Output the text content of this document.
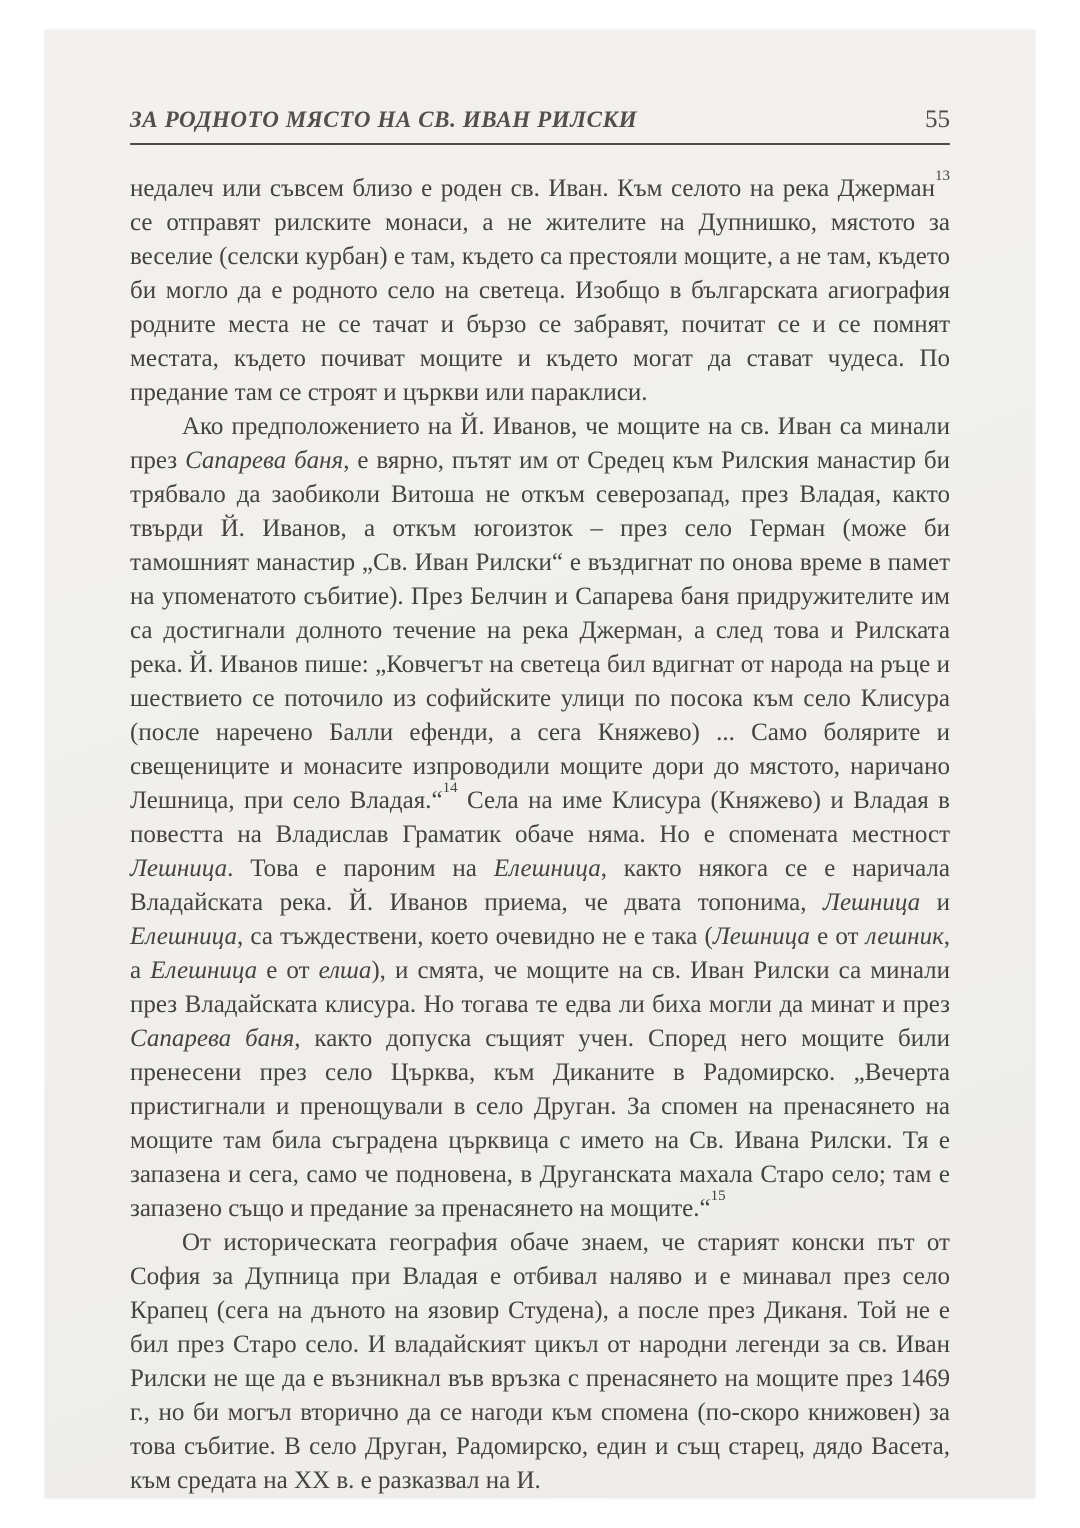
ЗА РОДНОТО МЯСТО НА СВ. ИВАН РИЛСКИ	55

недалеч или съвсем близо е роден св. Иван. Към селото на река Джерман$^{13}$ се отправят рилските монаси, а не жителите на Дупнишко, мястото за веселие (селски курбан) е там, където са престояли мощите, а не там, където би могло да е родното село на светеца. Изобщо в българската агиография родните места не се тачат и бързо се забравят, почитат се и се помнят местата, където почиват мощите и където могат да стават чудеса. По предание там се строят и църкви или параклиси.

Ако предположението на Й. Иванов, че мощите на св. Иван са минали през Сапарева баня, е вярно, пътят им от Средец към Рилския манастир би трябвало да заобиколи Витоша не откъм северозапад, през Владая, както твърди Й. Иванов, а откъм югоизток – през село Герман (може би тамошният манастир „Св. Иван Рилски“ е въздигнат по онова време в памет на упоменатото събитие). През Белчин и Сапарева баня придружителите им са достигнали долното течение на река Джерман, а след това и Рилската река. Й. Иванов пише: „Ковчегът на светеца бил вдигнат от народа на ръце и шествието се поточило из софийските улици по посока към село Клисура (после наречено Балли ефенди, а сега Княжево) ... Само болярите и свещениците и монасите изпроводили мощите дори до мястото, наричано Лешница, при село Владая.“$^{14}$ Села на име Клисура (Княжево) и Владая в повестта на Владислав Граматик обаче няма. Но е спомената местност Лешница. Това е пароним на Елешница, както някога се е наричала Владайската река. Й. Иванов приема, че двата топонима, Лешница и Елешница, са тъждествени, което очевидно не е така (Лешница е от лешник, а Елешница е от елша), и смята, че мощите на св. Иван Рилски са минали през Владайската клисура. Но тогава те едва ли биха могли да минат и през Сапарева баня, както допуска същият учен. Според него мощите били пренесени през село Църква, към Диканите в Радомирско. „Вечерта пристигнали и пренощували в село Друган. За спомен на пренасянето на мощите там била съградена църквица с името на Св. Ивана Рилски. Тя е запазена и сега, само че подновена, в Друганската махала Старо село; там е запазено също и предание за пренасянето на мощите.“$^{15}$

От историческата география обаче знаем, че старият конски път от София за Дупница при Владая е отбивал наляво и е минавал през село Крапец (сега на дъното на язовир Студена), а после през Диканя. Той не е бил през Старо село. И владайският цикъл от народни легенди за св. Иван Рилски не ще да е възникнал във връзка с пренасянето на мощите през 1469 г., но би могъл вторично да се нагоди към спомена (по-скоро книжовен) за това събитие. В село Друган, Радомирско, един и същ старец, дядо Васета, към средата на ХХ в. е разказвал на И.
